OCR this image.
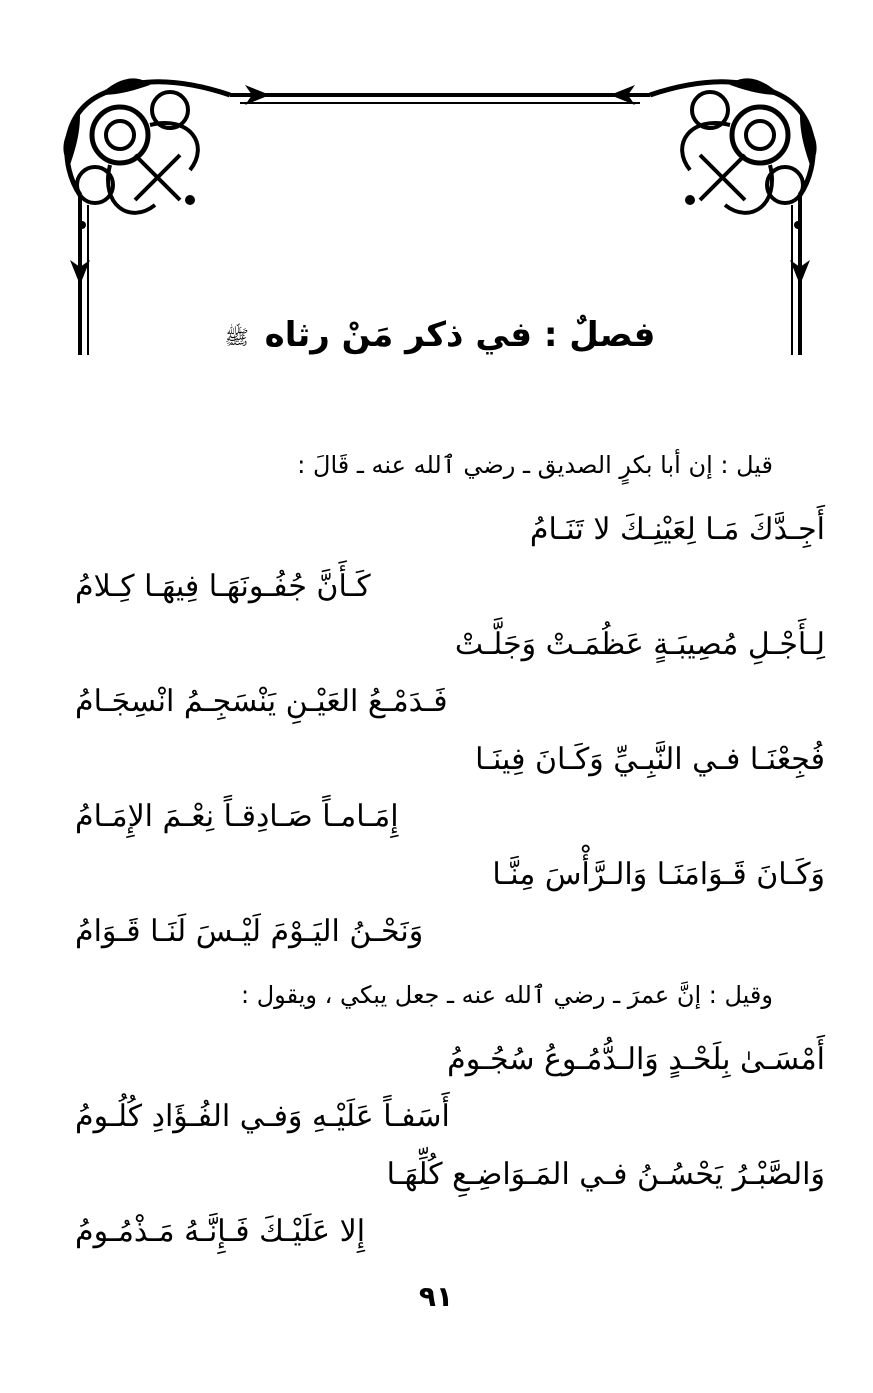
فصلٌ : في ذكر مَنْ رثاه ﷺ
قيل : إن أبا بكرٍ الصديق ـ رضي ٱلله عنه ـ قَالَ :
أَجِـدَّكَ مَـا لِعَيْنِـكَ لا تَنَـامُ
كَـأَنَّ جُفُـونَهَـا فِيهَـا كِـلامُ
لِـأَجْـلِ مُصِيبَـةٍ عَظُمَـتْ وَجَلَّـتْ
فَـدَمْـعُ العَيْـنِ يَنْسَجِـمُ انْسِجَـامُ
فُجِعْنَـا فـي النَّبِـيِّ وَكَـانَ فِينَـا
إِمَـامـاً صَـادِقـاً نِعْـمَ الإِمَـامُ
وَكَـانَ قَـوَامَنَـا وَالـرَّأْسَ مِنَّـا
وَنَحْـنُ اليَـوْمَ لَيْـسَ لَنَـا قَـوَامُ
وقيل : إنَّ عمرَ ـ رضي ٱلله عنه ـ جعل يبكي ، ويقول :
أَمْسَـىٰ بِلَحْـدٍ وَالـدُّمُـوعُ سُجُـومُ
أَسَفـاً عَلَيْـهِ وَفـي الفُـؤَادِ كُلُـومُ
وَالصَّبْـرُ يَحْسُـنُ فـي المَـوَاضِـعِ كُلِّهَـا
إِلا عَلَيْـكَ فَـإِنَّـهُ مَـذْمُـومُ
٩١
